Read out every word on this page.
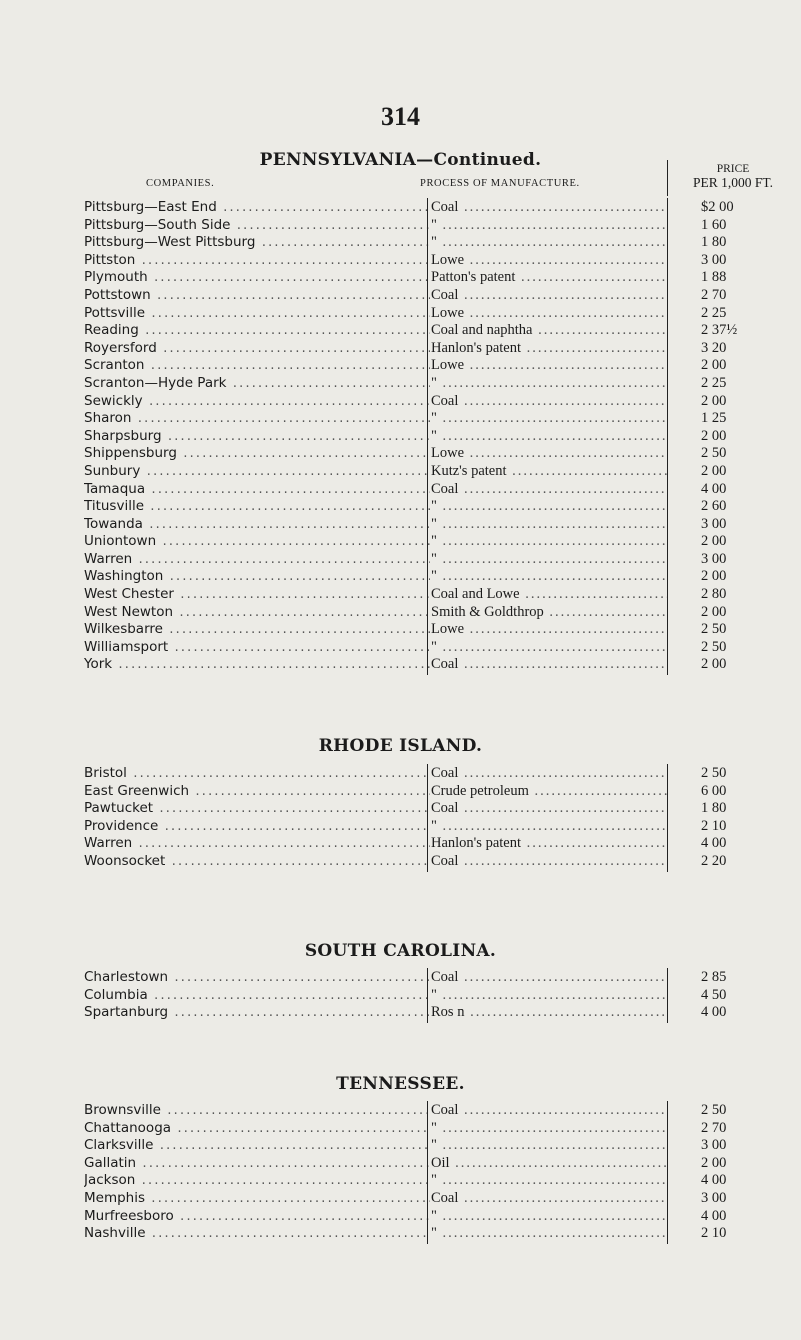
314
PENNSYLVANIA—Continued.
COMPANIES.	PROCESS OF MANUFACTURE.
PRICE
PER 1,000 FT.
Pittsburg—East End .....	Coal .....	$2 00
Pittsburg—South Side .....	" .....	1 60
Pittsburg—West Pittsburg .....	" .....	1 80
Pittston .....	Lowe .....	3 00
Plymouth .....	Patton's patent .....	1 88
Pottstown .....	Coal .....	2 70
Pottsville .....	Lowe .....	2 25
Reading .....	Coal and naphtha .....	2 37½
Royersford .....	Hanlon's patent .....	3 20
Scranton .....	Lowe .....	2 00
Scranton—Hyde Park .....	" .....	2 25
Sewickly .....	Coal .....	2 00
Sharon .....	" .....	1 25
Sharpsburg .....	" .....	2 00
Shippensburg .....	Lowe .....	2 50
Sunbury .....	Kutz's patent .....	2 00
Tamaqua .....	Coal .....	4 00
Titusville .....	" .....	2 60
Towanda .....	" .....	3 00
Uniontown .....	" .....	2 00
Warren .....	" .....	3 00
Washington .....	" .....	2 00
West Chester .....	Coal and Lowe .....	2 80
West Newton .....	Smith & Goldthrop .....	2 00
Wilkesbarre .....	Lowe .....	2 50
Williamsport .....	" .....	2 50
York .....	Coal .....	2 00
Bristol .....	Coal .....	2 50
East Greenwich .....	Crude petroleum .....	6 00
Pawtucket .....	Coal .....	1 80
Providence .....	" .....	2 10
Warren .....	Hanlon's patent .....	4 00
Woonsocket .....	Coal .....	2 20
Charlestown .....	Coal .....	2 85
Columbia .....	" .....	4 50
Spartanburg .....	Ros n .....	4 00
Brownsville .....	Coal .....	2 50
Chattanooga .....	" .....	2 70
Clarksville .....	" .....	3 00
Gallatin .....	Oil .....	2 00
Jackson .....	" .....	4 00
Memphis .....	Coal .....	3 00
Murfreesboro .....	" .....	4 00
Nashville .....	" .....	2 10
RHODE ISLAND.
SOUTH CAROLINA.
TENNESSEE.
